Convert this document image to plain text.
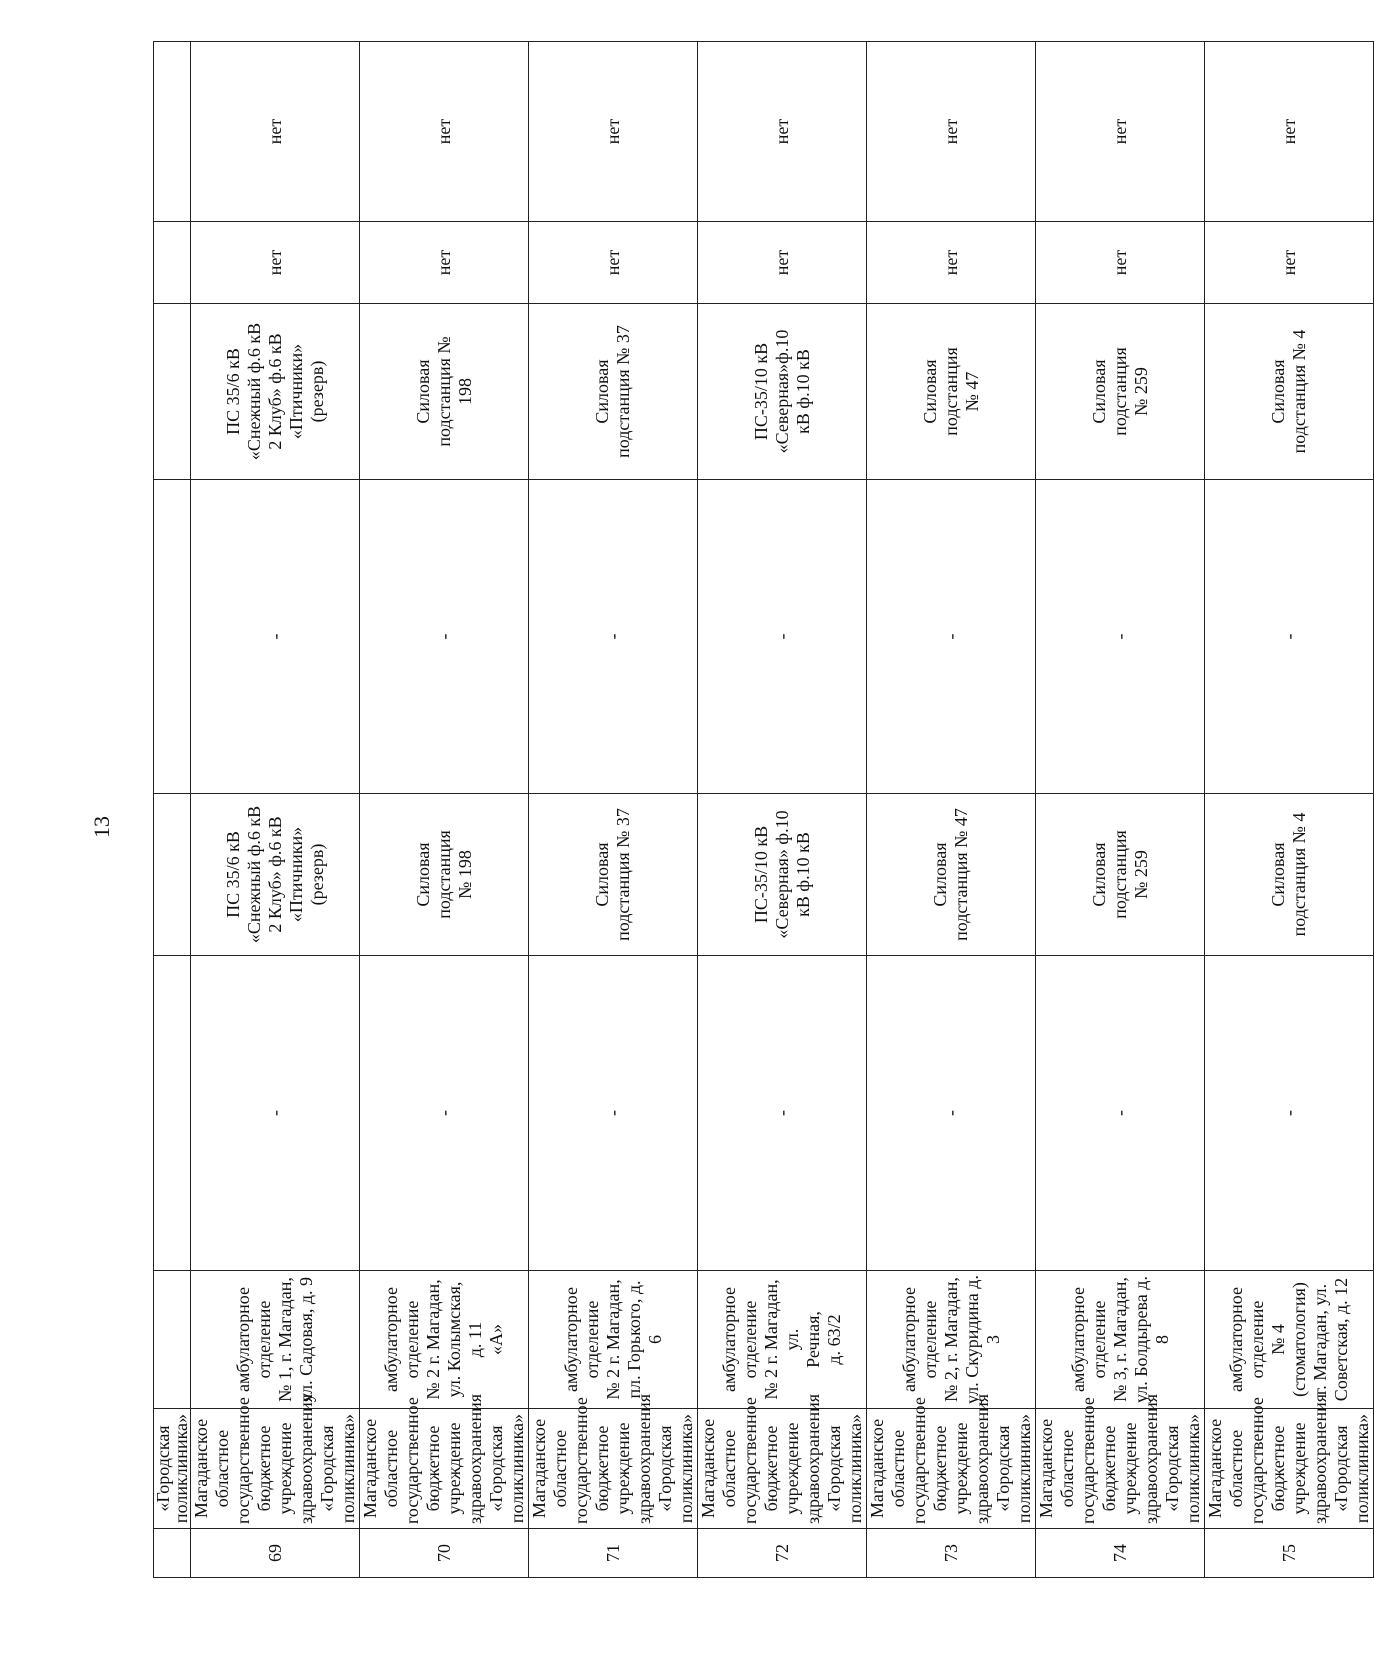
13
	«Городская поликлиника»							
69	Магаданское областное
государственное
бюджетное учреждение
здравоохранения
«Городская поликлиника»	амбулаторное
отделение
№ 1, г. Магадан,
ул. Садовая, д. 9	-	ПС 35/6 кВ
«Снежный ф.6 кВ
2 Клуб» ф.6 кВ
«Птичники»
(резерв)	-	ПС 35/6 кВ
«Снежный ф.6 кВ
2 Клуб» ф.6 кВ
«Птичники»
(резерв)	нет	нет
70	Магаданское областное
государственное
бюджетное учреждение
здравоохранения
«Городская поликлиника»	амбулаторное
отделение
№ 2 г. Магадан,
ул. Колымская, д. 11
«А»	-	Силовая
подстанция
№ 198	-	Силовая
подстанция №
198	нет	нет
71	Магаданское областное
государственное
бюджетное учреждение
здравоохранения
«Городская поликлиника»	амбулаторное
отделение
№ 2 г. Магадан,
пл. Горького, д. 6	-	Силовая
подстанция № 37	-	Силовая
подстанция № 37	нет	нет
72	Магаданское областное
государственное
бюджетное учреждение
здравоохранения
«Городская поликлиника»	амбулаторное
отделение
№ 2 г. Магадан, ул.
Речная,
д. 63/2	-	ПС-35/10 кВ
«Северная» ф.10
кВ ф.10 кВ	-	ПС-35/10 кВ
«Северная»ф.10
кВ ф.10 кВ	нет	нет
73	Магаданское областное
государственное
бюджетное учреждение
здравоохранения
«Городская поликлиника»	амбулаторное
отделение
№ 2, г. Магадан,
ул. Скуридина д. 3	-	Силовая
подстанция № 47	-	Силовая
подстанция
№ 47	нет	нет
74	Магаданское областное
государственное
бюджетное учреждение
здравоохранения
«Городская поликлиника»	амбулаторное
отделение
№ 3, г. Магадан,
ул. Болдырева д. 8	-	Силовая
подстанция
№ 259	-	Силовая
подстанция
№ 259	нет	нет
75	Магаданское областное
государственное
бюджетное учреждение
здравоохранения
«Городская поликлиника»	амбулаторное
отделение
№ 4 (стоматология)
г. Магадан, ул.
Советская, д. 12	-	Силовая
подстанция № 4	-	Силовая
подстанция № 4	нет	нет
